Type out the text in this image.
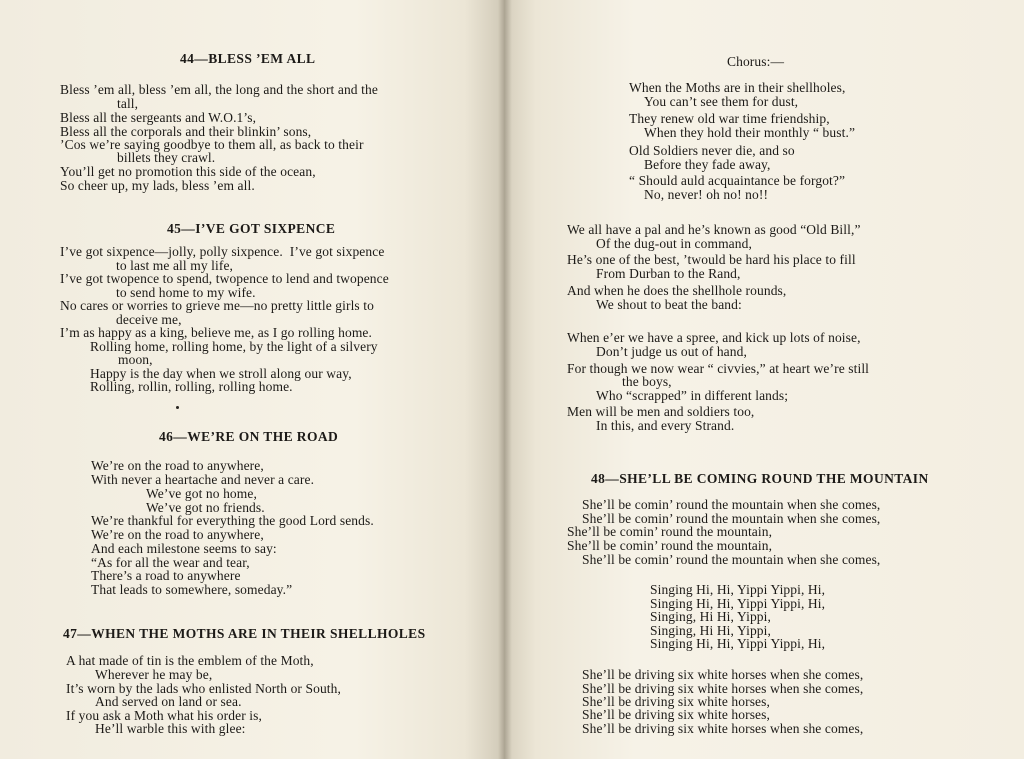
44—BLESS ’EM ALL
Bless ’em all, bless ’em all, the long and the short and the
tall,
Bless all the sergeants and W.O.1’s,
Bless all the corporals and their blinkin’ sons,
’Cos we’re saying goodbye to them all, as back to their
billets they crawl.
You’ll get no promotion this side of the ocean,
So cheer up, my lads, bless ’em all.
45—I’VE GOT SIXPENCE
I’ve got sixpence—jolly, polly sixpence.  I’ve got sixpence
to last me all my life,
I’ve got twopence to spend, twopence to lend and twopence
to send home to my wife.
No cares or worries to grieve me—no pretty little girls to
deceive me,
I’m as happy as a king, believe me, as I go rolling home.
Rolling home, rolling home, by the light of a silvery
moon,
Happy is the day when we stroll along our way,
Rolling, rollin, rolling, rolling home.
46—WE’RE ON THE ROAD
We’re on the road to anywhere,
With never a heartache and never a care.
We’ve got no home,
We’ve got no friends.
We’re thankful for everything the good Lord sends.
We’re on the road to anywhere,
And each milestone seems to say:
“As for all the wear and tear,
There’s a road to anywhere
That leads to somewhere, someday.”
47—WHEN THE MOTHS ARE IN THEIR SHELLHOLES
A hat made of tin is the emblem of the Moth,
Wherever he may be,
It’s worn by the lads who enlisted North or South,
And served on land or sea.
If you ask a Moth what his order is,
He’ll warble this with glee:
Chorus:—
When the Moths are in their shellholes,
You can’t see them for dust,
They renew old war time friendship,
When they hold their monthly “ bust.”
Old Soldiers never die, and so
Before they fade away,
“ Should auld acquaintance be forgot?”
No, never! oh no! no!!
We all have a pal and he’s known as good “Old Bill,”
Of the dug-out in command,
He’s one of the best, ’twould be hard his place to fill
From Durban to the Rand,
And when he does the shellhole rounds,
We shout to beat the band:
When e’er we have a spree, and kick up lots of noise,
Don’t judge us out of hand,
For though we now wear “ civvies,” at heart we’re still
the boys,
Who “scrapped” in different lands;
Men will be men and soldiers too,
In this, and every Strand.
48—SHE’LL BE COMING ROUND THE MOUNTAIN
She’ll be comin’ round the mountain when she comes,
She’ll be comin’ round the mountain when she comes,
She’ll be comin’ round the mountain,
She’ll be comin’ round the mountain,
She’ll be comin’ round the mountain when she comes,
Singing Hi, Hi, Yippi Yippi, Hi,
Singing Hi, Hi, Yippi Yippi, Hi,
Singing, Hi Hi, Yippi,
Singing, Hi Hi, Yippi,
Singing Hi, Hi, Yippi Yippi, Hi,
She’ll be driving six white horses when she comes,
She’ll be driving six white horses when she comes,
She’ll be driving six white horses,
She’ll be driving six white horses,
She’ll be driving six white horses when she comes,
